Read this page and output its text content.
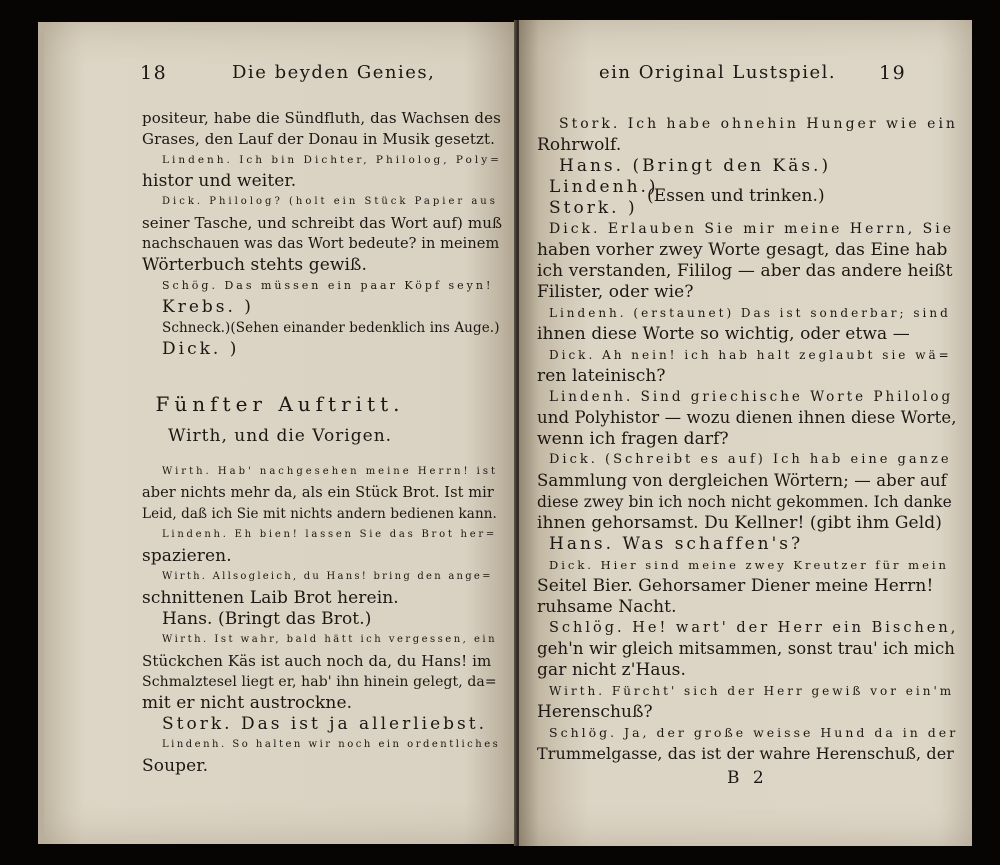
18	Die beyden Genies,
positeur, habe die Sündfluth, das Wachsen des
Grases, den Lauf der Donau in Musik gesetzt.
Lindenh. Ich bin Dichter, Philolog, Poly=
histor und weiter.
Dick. Philolog? (holt ein Stück Papier aus
seiner Tasche, und schreibt das Wort auf) muß
nachschauen was das Wort bedeute? in meinem
Wörterbuch stehts gewiß.
Schög. Das müssen ein paar Köpf seyn!
Krebs. )
Schneck.)(Sehen einander bedenklich ins Auge.)
Dick. )
Fünfter Auftritt.
Wirth, und die Vorigen.
Wirth. Hab' nachgesehen meine Herrn! ist
aber nichts mehr da, als ein Stück Brot. Ist mir
Leid, daß ich Sie mit nichts andern bedienen kann.
Lindenh. Eh bien! lassen Sie das Brot her=
spazieren.
Wirth. Allsogleich, du Hans! bring den ange=
schnittenen Laib Brot herein.
Hans. (Bringt das Brot.)
Wirth. Ist wahr, bald hätt ich vergessen, ein
Stückchen Käs ist auch noch da, du Hans! im
Schmalztesel liegt er, hab' ihn hinein gelegt, da=
mit er nicht austrockne.
Stork. Das ist ja allerliebst.
Lindenh. So halten wir noch ein ordentliches
Souper.
ein Original Lustspiel. 19
Stork. Ich habe ohnehin Hunger wie ein
Rohrwolf.
Hans. (Bringt den Käs.)
Lindenh.)
(Essen und trinken.)
Stork. )
Dick. Erlauben Sie mir meine Herrn, Sie
haben vorher zwey Worte gesagt, das Eine hab
ich verstanden, Fililog — aber das andere heißt
Filister, oder wie?
Lindenh. (erstaunet) Das ist sonderbar; sind
ihnen diese Worte so wichtig, oder etwa —
Dick. Ah nein! ich hab halt zeglaubt sie wä=
ren lateinisch?
Lindenh. Sind griechische Worte Philolog
und Polyhistor — wozu dienen ihnen diese Worte,
wenn ich fragen darf?
Dick. (Schreibt es auf) Ich hab eine ganze
Sammlung von dergleichen Wörtern; — aber auf
diese zwey bin ich noch nicht gekommen. Ich danke
ihnen gehorsamst. Du Kellner! (gibt ihm Geld)
Hans. Was schaffen's?
Dick. Hier sind meine zwey Kreutzer für mein
Seitel Bier. Gehorsamer Diener meine Herrn!
ruhsame Nacht.
Schlög. He! wart' der Herr ein Bischen,
geh'n wir gleich mitsammen, sonst trau' ich mich
gar nicht z'Haus.
Wirth. Fürcht' sich der Herr gewiß vor ein'm
Herenschuß?
Schlög. Ja, der große weisse Hund da in der
Trummelgasse, das ist der wahre Herenschuß, der
B 2
